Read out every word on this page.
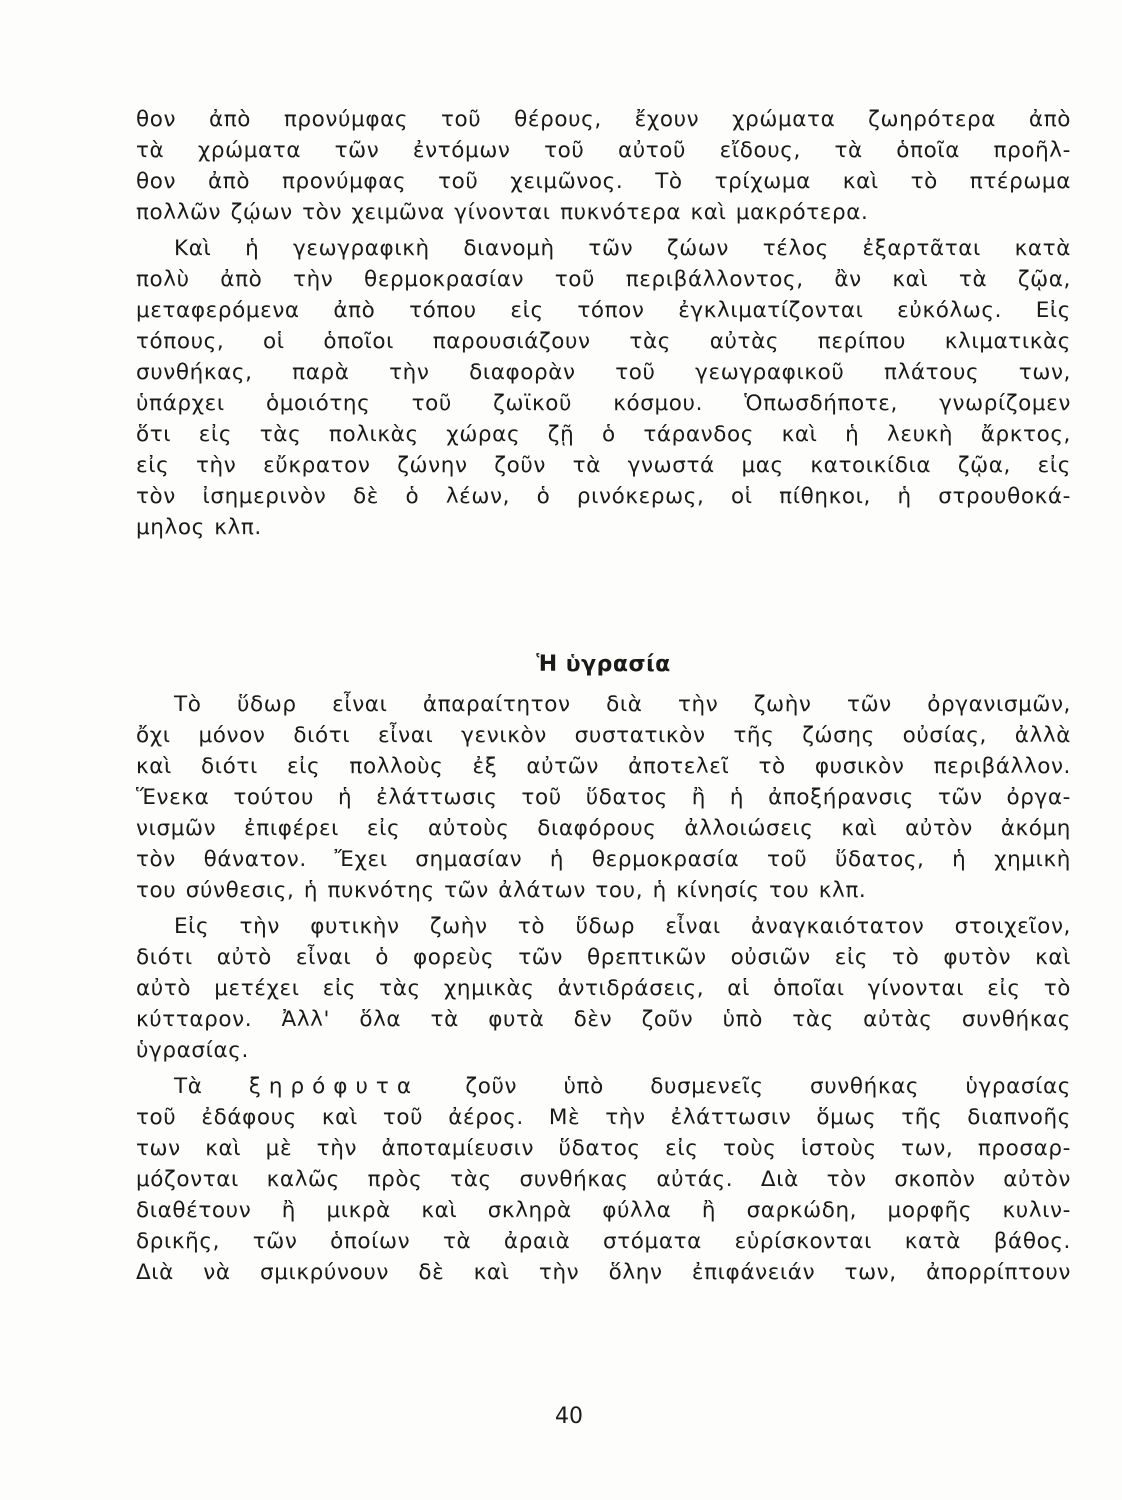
θον ἀπὸ προνύμφας τοῦ θέρους, ἔχουν χρώματα ζωηρότερα ἀπὸ
τὰ χρώματα τῶν ἐντόμων τοῦ αὐτοῦ εἴδους, τὰ ὁποῖα προῆλ-
θον ἀπὸ προνύμφας τοῦ χειμῶνος. Τὸ τρίχωμα καὶ τὸ πτέρωμα
πολλῶν ζῴων τὸν χειμῶνα γίνονται πυκνότερα καὶ μακρότερα.
Καὶ ἡ γεωγραφικὴ διανομὴ τῶν ζώων τέλος ἐξαρτᾶται κατὰ
πολὺ ἀπὸ τὴν θερμοκρασίαν τοῦ περιβάλλοντος, ἂν καὶ τὰ ζῷα,
μεταφερόμενα ἀπὸ τόπου εἰς τόπον ἐγκλιματίζονται εὐκόλως. Εἰς
τόπους, οἱ ὁποῖοι παρουσιάζουν τὰς αὐτὰς περίπου κλιματικὰς
συνθήκας, παρὰ τὴν διαφορὰν τοῦ γεωγραφικοῦ πλάτους των,
ὑπάρχει ὁμοιότης τοῦ ζωϊκοῦ κόσμου. Ὁπωσδήποτε, γνωρίζομεν
ὅτι εἰς τὰς πολικὰς χώρας ζῇ ὁ τάρανδος καὶ ἡ λευκὴ ἄρκτος,
εἰς τὴν εὔκρατον ζώνην ζοῦν τὰ γνωστά μας κατοικίδια ζῷα, εἰς
τὸν ἰσημερινὸν δὲ ὁ λέων, ὁ ρινόκερως, οἱ πίθηκοι, ἡ στρουθοκά-
μηλος κλπ.
Ἡ ὑγρασία
Τὸ ὕδωρ εἶναι ἀπαραίτητον διὰ τὴν ζωὴν τῶν ὀργανισμῶν,
ὄχι μόνον διότι εἶναι γενικὸν συστατικὸν τῆς ζώσης οὐσίας, ἀλλὰ
καὶ διότι εἰς πολλοὺς ἐξ αὐτῶν ἀποτελεῖ τὸ φυσικὸν περιβάλλον.
Ἕνεκα τούτου ἡ ἐλάττωσις τοῦ ὕδατος ἢ ἡ ἀποξήρανσις τῶν ὀργα-
νισμῶν ἐπιφέρει εἰς αὐτοὺς διαφόρους ἀλλοιώσεις καὶ αὐτὸν ἀκόμη
τὸν θάνατον. Ἔχει σημασίαν ἡ θερμοκρασία τοῦ ὕδατος, ἡ χημικὴ
του σύνθεσις, ἡ πυκνότης τῶν ἀλάτων του, ἡ κίνησίς του κλπ.
Εἰς τὴν φυτικὴν ζωὴν τὸ ὕδωρ εἶναι ἀναγκαιότατον στοιχεῖον,
διότι αὐτὸ εἶναι ὁ φορεὺς τῶν θρεπτικῶν οὐσιῶν εἰς τὸ φυτὸν καὶ
αὐτὸ μετέχει εἰς τὰς χημικὰς ἀντιδράσεις, αἱ ὁποῖαι γίνονται εἰς τὸ
κύτταρον. Ἀλλ' ὅλα τὰ φυτὰ δὲν ζοῦν ὑπὸ τὰς αὐτὰς συνθήκας
ὑγρασίας.
Τὰ ξηρόφυτα ζοῦν ὑπὸ δυσμενεῖς συνθήκας ὑγρασίας
τοῦ ἐδάφους καὶ τοῦ ἀέρος. Μὲ τὴν ἐλάττωσιν ὅμως τῆς διαπνοῆς
των καὶ μὲ τὴν ἀποταμίευσιν ὕδατος εἰς τοὺς ἱστοὺς των, προσαρ-
μόζονται καλῶς πρὸς τὰς συνθήκας αὐτάς. Διὰ τὸν σκοπὸν αὐτὸν
διαθέτουν ἢ μικρὰ καὶ σκληρὰ φύλλα ἢ σαρκώδη, μορφῆς κυλιν-
δρικῆς, τῶν ὁποίων τὰ ἀραιὰ στόματα εὑρίσκονται κατὰ βάθος.
Διὰ νὰ σμικρύνουν δὲ καὶ τὴν ὅλην ἐπιφάνειάν των, ἀπορρίπτουν
40
